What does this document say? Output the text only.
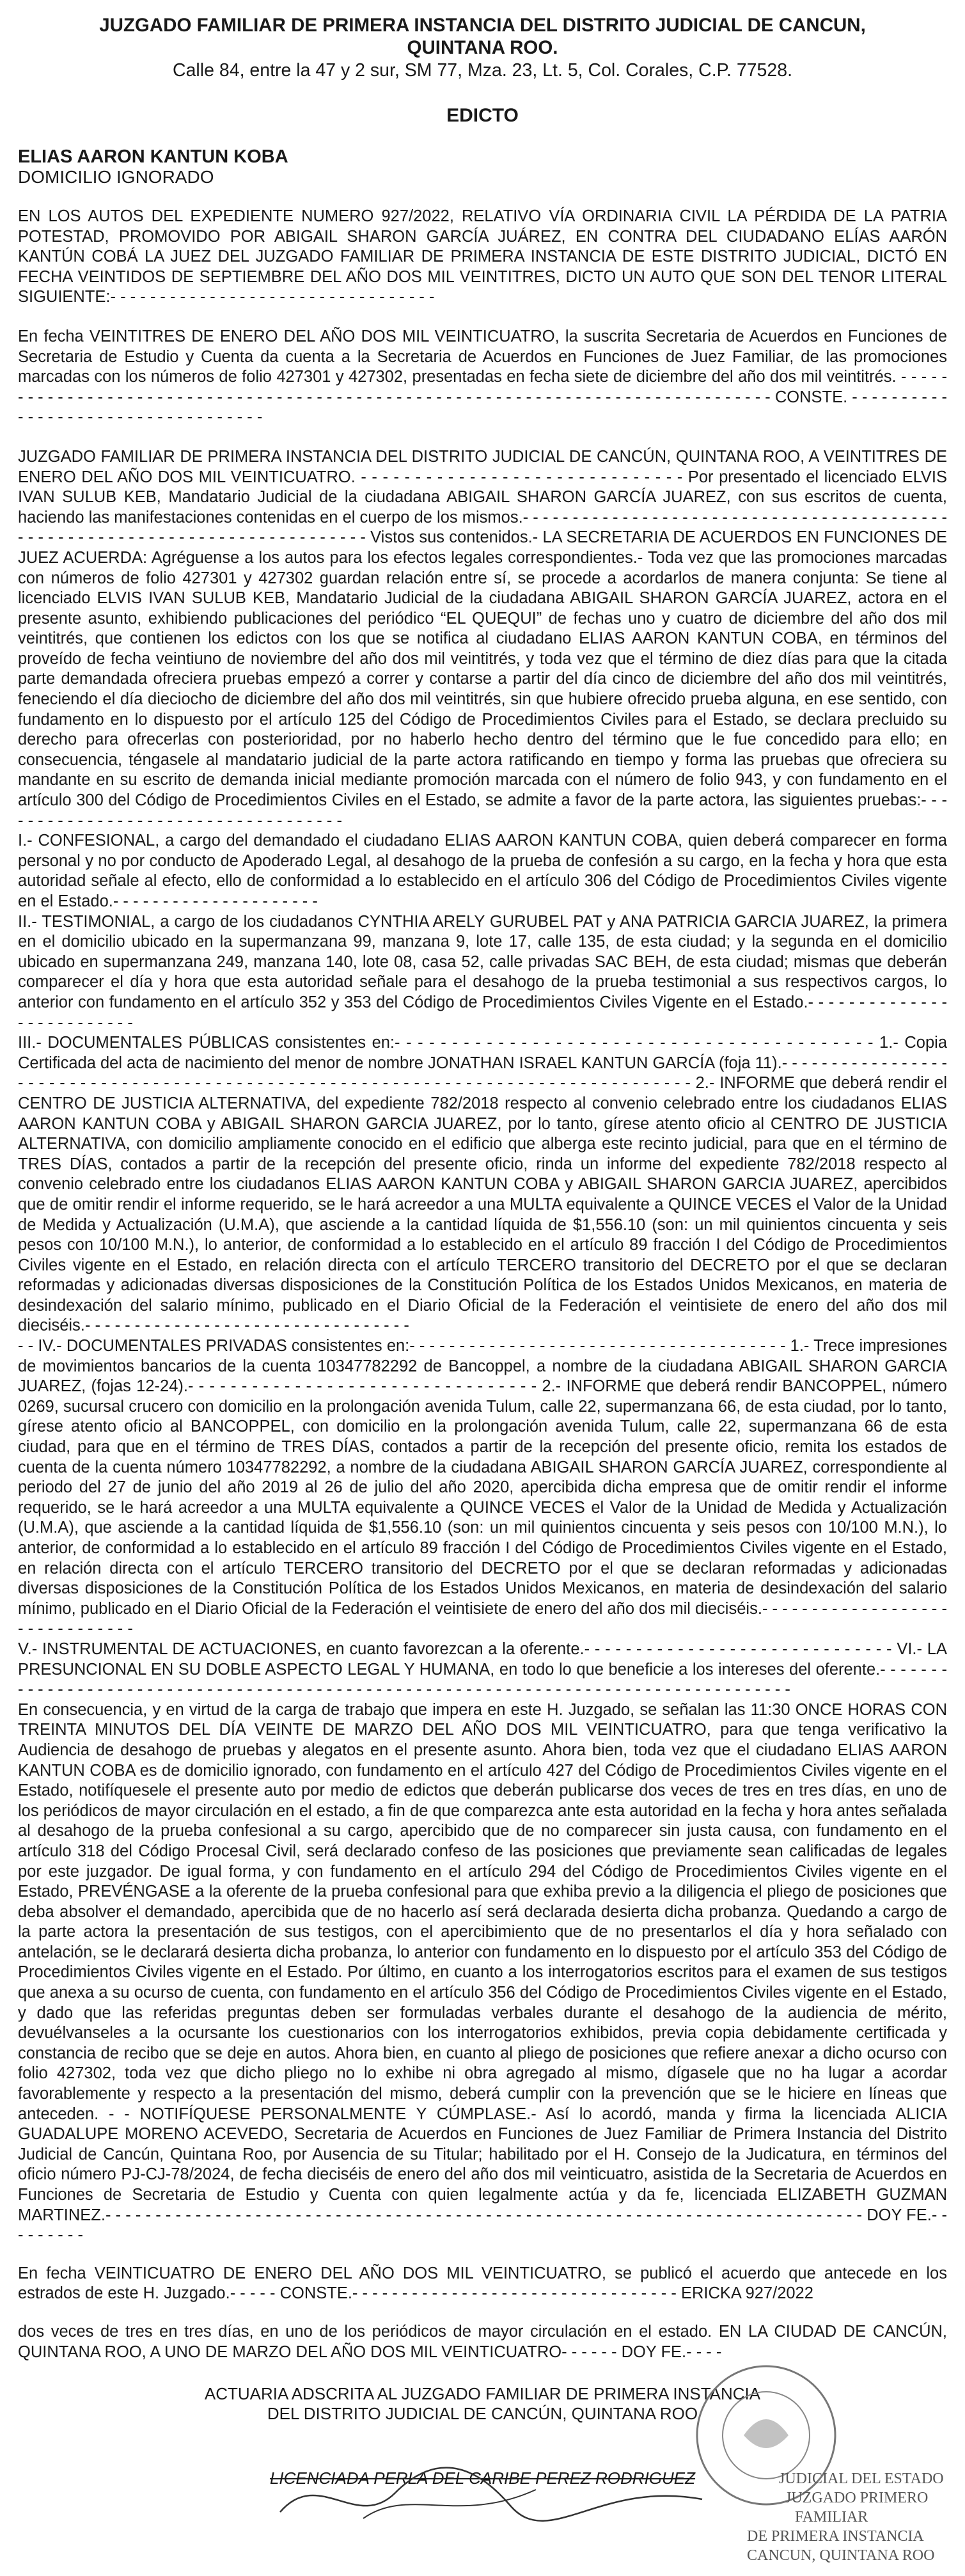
JUZGADO FAMILIAR DE PRIMERA INSTANCIA DEL DISTRITO JUDICIAL DE CANCUN,
QUINTANA ROO.
Calle 84, entre la 47 y 2 sur, SM 77, Mza. 23, Lt. 5, Col. Corales, C.P. 77528.
EDICTO
ELIAS AARON KANTUN KOBA
DOMICILIO IGNORADO

EN LOS AUTOS DEL EXPEDIENTE NUMERO 927/2022, RELATIVO VÍA ORDINARIA CIVIL LA PÉRDIDA DE LA PATRIA POTESTAD, PROMOVIDO POR ABIGAIL SHARON GARCÍA JUÁREZ, EN CONTRA DEL CIUDADANO ELÍAS AARÓN KANTÚN COBÁ LA JUEZ DEL JUZGADO FAMILIAR DE PRIMERA INSTANCIA DE ESTE DISTRITO JUDICIAL, DICTÓ EN FECHA VEINTIDOS DE SEPTIEMBRE DEL AÑO DOS MIL VEINTITRES, DICTO UN AUTO QUE SON DEL TENOR LITERAL SIGUIENTE:- - - - - - - - - - - - - - - - - - - - - - - - - - - - - - - - -

En fecha VEINTITRES DE ENERO DEL AÑO DOS MIL VEINTICUATRO, la suscrita Secretaria de Acuerdos en Funciones de Secretaria de Estudio y Cuenta da cuenta a la Secretaria de Acuerdos en Funciones de Juez Familiar, de las promociones marcadas con los números de folio 427301 y 427302, presentadas en fecha siete de diciembre del año dos mil veintitrés. - - - - - - - - - - - - - - - - - - - - - - - - - - - - - - - - - - - - - - - - - - - - - - - - - - - - - - - - - - - - - - - - - - - - - - - - - - - - - - - - - CONSTE. - - - - - - - - - - - - - - - - - - - - - - - - - - - - - - - - - - -

JUZGADO FAMILIAR DE PRIMERA INSTANCIA DEL DISTRITO JUDICIAL DE CANCÚN, QUINTANA ROO, A VEINTITRES DE ENERO DEL AÑO DOS MIL VEINTICUATRO. - - - - - - - - - - - - - - - - - - - - - - - - - - - - - - Por presentado el licenciado ELVIS IVAN SULUB KEB, Mandatario Judicial de la ciudadana ABIGAIL SHARON GARCÍA JUAREZ, con sus escritos de cuenta, haciendo las manifestaciones contenidas en el cuerpo de los mismos.- - - - - - - - - - - - - - - - - - - - - - - - - - - - - - - - - - - - - - - - - - - - - - - - - - - - - - - - - - - - - - - - - - - - - - - - - - - - - - Vistos sus contenidos.- LA SECRETARIA DE ACUERDOS EN FUNCIONES DE JUEZ ACUERDA: Agréguense a los autos para los efectos legales correspondientes.- Toda vez que las promociones marcadas con números de folio 427301 y 427302 guardan relación entre sí, se procede a acordarlos de manera conjunta: Se tiene al licenciado ELVIS IVAN SULUB KEB, Mandatario Judicial de la ciudadana ABIGAIL SHARON GARCÍA JUAREZ, actora en el presente asunto, exhibiendo publicaciones del periódico “EL QUEQUI” de fechas uno y cuatro de diciembre del año dos mil veintitrés, que contienen los edictos con los que se notifica al ciudadano ELIAS AARON KANTUN COBA, en términos del proveído de fecha veintiuno de noviembre del año dos mil veintitrés, y toda vez que el término de diez días para que la citada parte demandada ofreciera pruebas empezó a correr y contarse a partir del día cinco de diciembre del año dos mil veintitrés, feneciendo el día dieciocho de diciembre del año dos mil veintitrés, sin que hubiere ofrecido prueba alguna, en ese sentido, con fundamento en lo dispuesto por el artículo 125 del Código de Procedimientos Civiles para el Estado, se declara precluido su derecho para ofrecerlas con posterioridad, por no haberlo hecho dentro del término que le fue concedido para ello; en consecuencia, téngasele al mandatario judicial de la parte actora ratificando en tiempo y forma las pruebas que ofreciera su mandante en su escrito de demanda inicial mediante promoción marcada con el número de folio 943, y con fundamento en el artículo 300 del Código de Procedimientos Civiles en el Estado, se admite a favor de la parte actora, las siguientes pruebas:- - - - - - - - - - - - - - - - - - - - - - - - - - - - - - - - - - - -

I.- CONFESIONAL, a cargo del demandado el ciudadano ELIAS AARON KANTUN COBA, quien deberá comparecer en forma personal y no por conducto de Apoderado Legal, al desahogo de la prueba de confesión a su cargo, en la fecha y hora que esta autoridad señale al efecto, ello de conformidad a lo establecido en el artículo 306 del Código de Procedimientos Civiles vigente en el Estado.- - - - - - - - - - - - - - - - - - - - -

II.- TESTIMONIAL, a cargo de los ciudadanos CYNTHIA ARELY GURUBEL PAT y ANA PATRICIA GARCIA JUAREZ, la primera en el domicilio ubicado en la supermanzana 99, manzana 9, lote 17, calle 135, de esta ciudad; y la segunda en el domicilio ubicado en supermanzana 249, manzana 140, lote 08, casa 52, calle privadas SAC BEH, de esta ciudad; mismas que deberán comparecer el día y hora que esta autoridad señale para el desahogo de la prueba testimonial a sus respectivos cargos, lo anterior con fundamento en el artículo 352 y 353 del Código de Procedimientos Civiles Vigente en el Estado.- - - - - - - - - - - - - - - - - - - - - - - - - -

III.- DOCUMENTALES PÚBLICAS consistentes en:- - - - - - - - - - - - - - - - - - - - - - - - - - - - - - - - - - - - - - - - - - 1.- Copia Certificada del acta de nacimiento del menor de nombre JONATHAN ISRAEL KANTUN GARCÍA (foja 11).- - - - - - - - - - - - - - - - - - - - - - - - - - - - - - - - - - - - - - - - - - - - - - - - - - - - - - - - - - - - - - - - - - - - - - - - - - - - - - - - - - 2.- INFORME que deberá rendir el CENTRO DE JUSTICIA ALTERNATIVA, del expediente 782/2018 respecto al convenio celebrado entre los ciudadanos ELIAS AARON KANTUN COBA y ABIGAIL SHARON GARCIA JUAREZ, por lo tanto, gírese atento oficio al CENTRO DE JUSTICIA ALTERNATIVA, con domicilio ampliamente conocido en el edificio que alberga este recinto judicial, para que en el término de TRES DÍAS, contados a partir de la recepción del presente oficio, rinda un informe del expediente 782/2018 respecto al convenio celebrado entre los ciudadanos ELIAS AARON KANTUN COBA y ABIGAIL SHARON GARCIA JUAREZ, apercibidos que de omitir rendir el informe requerido, se le hará acreedor a una MULTA equivalente a QUINCE VECES el Valor de la Unidad de Medida y Actualización (U.M.A), que asciende a la cantidad líquida de $1,556.10 (son: un mil quinientos cincuenta y seis pesos con 10/100 M.N.), lo anterior, de conformidad a lo establecido en el artículo 89 fracción I del Código de Procedimientos Civiles vigente en el Estado, en relación directa con el artículo TERCERO transitorio del DECRETO por el que se declaran reformadas y adicionadas diversas disposiciones de la Constitución Política de los Estados Unidos Mexicanos, en materia de desindexación del salario mínimo, publicado en el Diario Oficial de la Federación el veintisiete de enero del año dos mil dieciséis.- - - - - - - - - - - - - - - - - - - - - - - - - - - - - - - - -

- - IV.- DOCUMENTALES PRIVADAS consistentes en:- - - - - - - - - - - - - - - - - - - - - - - - - - - - - - - - - - - - - - 1.- Trece impresiones de movimientos bancarios de la cuenta 10347782292 de Bancoppel, a nombre de la ciudadana ABIGAIL SHARON GARCIA JUAREZ, (fojas 12-24).- - - - - - - - - - - - - - - - - - - - - - - - - - - - - - - - - 2.- INFORME que deberá rendir BANCOPPEL, número 0269, sucursal crucero con domicilio en la prolongación avenida Tulum, calle 22, supermanzana 66, de esta ciudad, por lo tanto, gírese atento oficio al BANCOPPEL, con domicilio en la prolongación avenida Tulum, calle 22, supermanzana 66 de esta ciudad, para que en el término de TRES DÍAS, contados a partir de la recepción del presente oficio, remita los estados de cuenta de la cuenta número 10347782292, a nombre de la ciudadana ABIGAIL SHARON GARCÍA JUAREZ, correspondiente al periodo del 27 de junio del año 2019 al 26 de julio del año 2020, apercibida dicha empresa que de omitir rendir el informe requerido, se le hará acreedor a una MULTA equivalente a QUINCE VECES el Valor de la Unidad de Medida y Actualización (U.M.A), que asciende a la cantidad líquida de $1,556.10 (son: un mil quinientos cincuenta y seis pesos con 10/100 M.N.), lo anterior, de conformidad a lo establecido en el artículo 89 fracción I del Código de Procedimientos Civiles vigente en el Estado, en relación directa con el artículo TERCERO transitorio del DECRETO por el que se declaran reformadas y adicionadas diversas disposiciones de la Constitución Política de los Estados Unidos Mexicanos, en materia de desindexación del salario mínimo, publicado en el Diario Oficial de la Federación el veintisiete de enero del año dos mil dieciséis.- - - - - - - - - - - - - - - - - - - - - - - - - - - - - - -

V.- INSTRUMENTAL DE ACTUACIONES, en cuanto favorezcan a la oferente.- - - - - - - - - - - - - - - - - - - - - - - - - - - - - - VI.- LA PRESUNCIONAL EN SU DOBLE ASPECTO LEGAL Y HUMANA, en todo lo que beneficie a los intereses del oferente.- - - - - - - - - - - - - - - - - - - - - - - - - - - - - - - - - - - - - - - - - - - - - - - - - - - - - - - - - - - - - - - - - - - - - - - - - - - - - - - - - - - - -

En consecuencia, y en virtud de la carga de trabajo que impera en este H. Juzgado, se señalan las 11:30 ONCE HORAS CON TREINTA MINUTOS DEL DÍA VEINTE DE MARZO DEL AÑO DOS MIL VEINTICUATRO, para que tenga verificativo la Audiencia de desahogo de pruebas y alegatos en el presente asunto. Ahora bien, toda vez que el ciudadano ELIAS AARON KANTUN COBA es de domicilio ignorado, con fundamento en el artículo 427 del Código de Procedimientos Civiles vigente en el Estado, notifíquesele el presente auto por medio de edictos que deberán publicarse dos veces de tres en tres días, en uno de los periódicos de mayor circulación en el estado, a fin de que comparezca ante esta autoridad en la fecha y hora antes señalada al desahogo de la prueba confesional a su cargo, apercibido que de no comparecer sin justa causa, con fundamento en el artículo 318 del Código Procesal Civil, será declarado confeso de las posiciones que previamente sean calificadas de legales por este juzgador. De igual forma, y con fundamento en el artículo 294 del Código de Procedimientos Civiles vigente en el Estado, PREVÉNGASE a la oferente de la prueba confesional para que exhiba previo a la diligencia el pliego de posiciones que deba absolver el demandado, apercibida que de no hacerlo así será declarada desierta dicha probanza. Quedando a cargo de la parte actora la presentación de sus testigos, con el apercibimiento que de no presentarlos el día y hora señalado con antelación, se le declarará desierta dicha probanza, lo anterior con fundamento en lo dispuesto por el artículo 353 del Código de Procedimientos Civiles vigente en el Estado. Por último, en cuanto a los interrogatorios escritos para el examen de sus testigos que anexa a su ocurso de cuenta, con fundamento en el artículo 356 del Código de Procedimientos Civiles vigente en el Estado, y dado que las referidas preguntas deben ser formuladas verbales durante el desahogo de la audiencia de mérito, devuélvanseles a la ocursante los cuestionarios con los interrogatorios exhibidos, previa copia debidamente certificada y constancia de recibo que se deje en autos. Ahora bien, en cuanto al pliego de posiciones que refiere anexar a dicho ocurso con folio 427302, toda vez que dicho pliego no lo exhibe ni obra agregado al mismo, dígasele que no ha lugar a acordar favorablemente y respecto a la presentación del mismo, deberá cumplir con la prevención que se le hiciere en líneas que anteceden. - - NOTIFÍQUESE PERSONALMENTE Y CÚMPLASE.- Así lo acordó, manda y firma la licenciada ALICIA GUADALUPE MORENO ACEVEDO, Secretaria de Acuerdos en Funciones de Juez Familiar de Primera Instancia del Distrito Judicial de Cancún, Quintana Roo, por Ausencia de su Titular; habilitado por el H. Consejo de la Judicatura, en términos del oficio número PJ-CJ-78/2024, de fecha dieciséis de enero del año dos mil veinticuatro, asistida de la Secretaria de Acuerdos en Funciones de Secretaria de Estudio y Cuenta con quien legalmente actúa y da fe, licenciada ELIZABETH GUZMAN MARTINEZ.- - - - - - - - - - - - - - - - - - - - - - - - - - - - - - - - - - - - - - - - - - - - - - - - - - - - - - - - - - - - - - - - - - - - - - - - - - - - DOY FE.- - - - - - - - -

En fecha VEINTICUATRO DE ENERO DEL AÑO DOS MIL VEINTICUATRO, se publicó el acuerdo que antecede en los estrados de este H. Juzgado.- - - - - CONSTE.- - - - - - - - - - - - - - - - - - - - - - - - - - - - - - - - - ERICKA 927/2022

dos veces de tres en tres días, en uno de los periódicos de mayor circulación en el estado. EN LA CIUDAD DE CANCÚN, QUINTANA ROO, A UNO DE MARZO DEL AÑO DOS MIL VEINTICUATRO- - - - - - DOY FE.- - - -

ACTUARIA ADSCRITA AL JUZGADO FAMILIAR DE PRIMERA INSTANCIA
DEL DISTRITO JUDICIAL DE CANCÚN, QUINTANA ROO
LICENCIADA PERLA DEL CARIBE PEREZ RODRIGUEZ	JUDICIAL DEL ESTADO
JUZGADO PRIMERO
FAMILIAR
DE PRIMERA INSTANCIA
CANCUN, QUINTANA ROO
